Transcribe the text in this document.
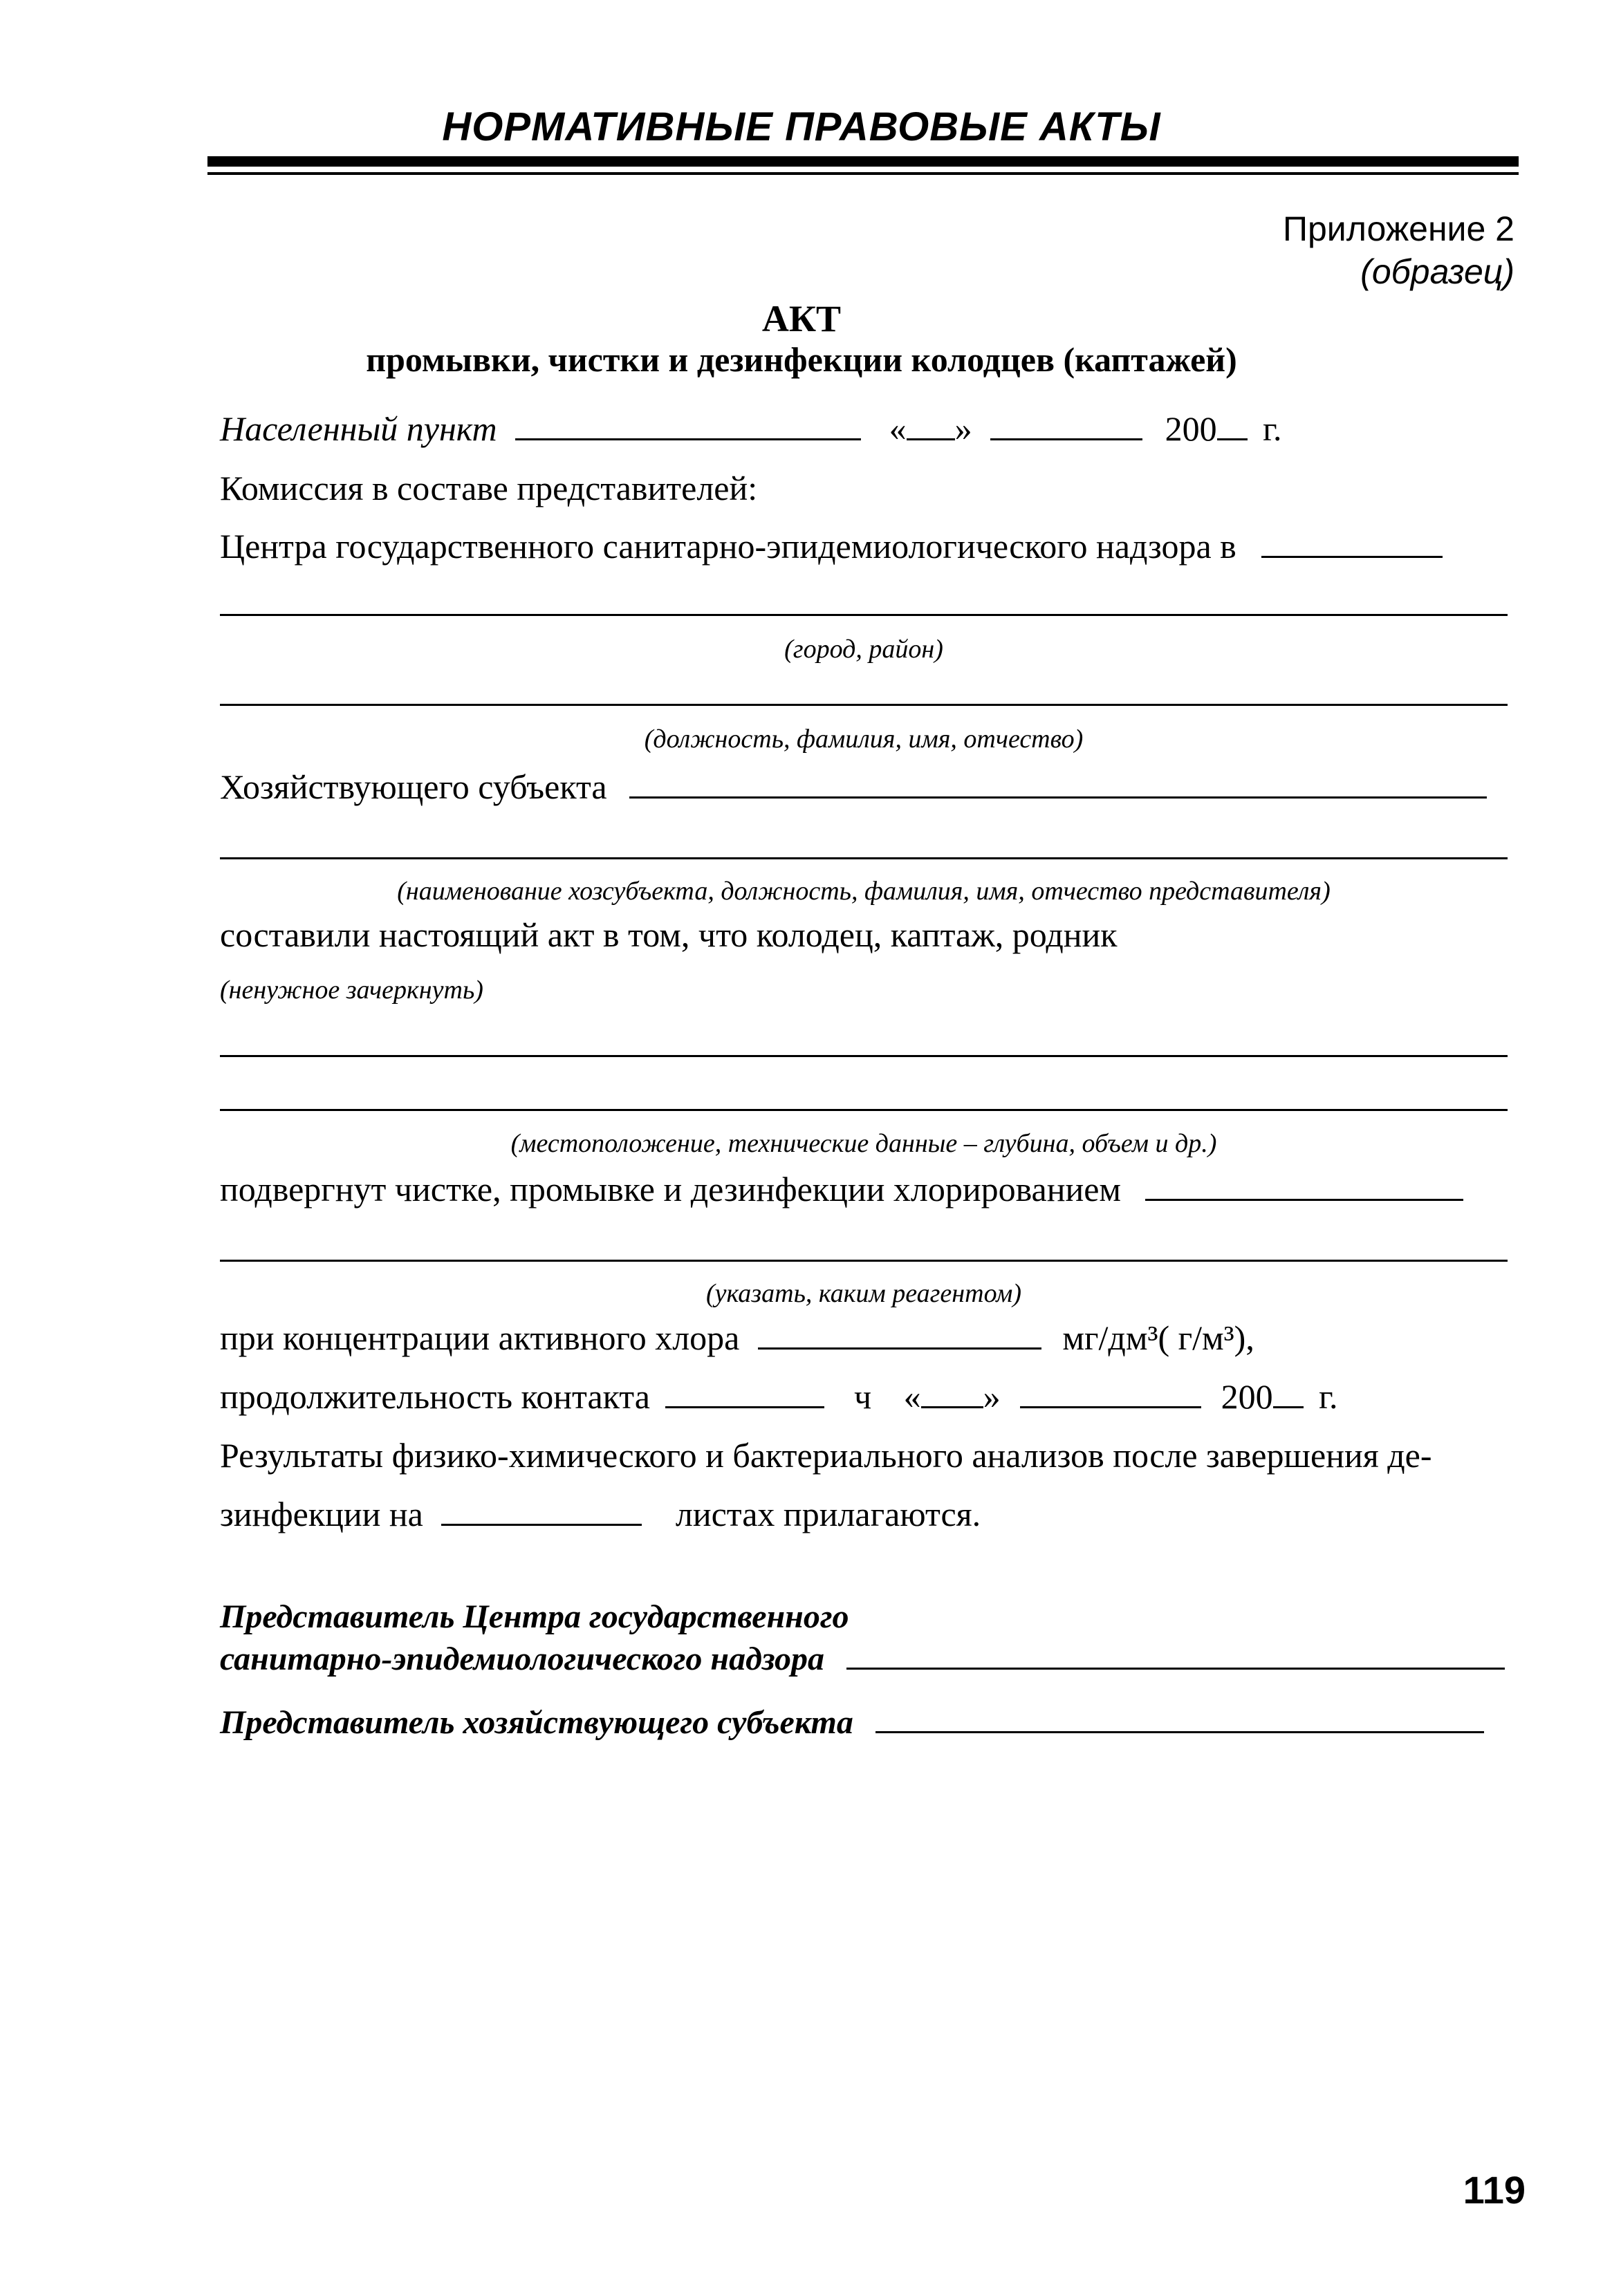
НОРМАТИВНЫЕ ПРАВОВЫЕ АКТЫ
Приложение 2
(образец)
АКТ
промывки, чистки и дезинфекции колодцев (каптажей)
Населенный пункт	« »	200 г.
Комиссия в составе представителей:
Центра государственного санитарно-эпидемиологического надзора в
(город, район)
(должность, фамилия, имя, отчество)
Хозяйствующего субъекта
(наименование хозсубъекта, должность, фамилия, имя, отчество представителя)
составили настоящий акт в том, что колодец, каптаж, родник
(ненужное зачеркнуть)
(местоположение, технические данные – глубина, объем и др.)
подвергнут чистке, промывке и дезинфекции хлорированием
(указать, каким реагентом)
при концентрации активного хлора	мг/дм³( г/м³),
продолжительность контакта	ч « »	200 г.
Результаты физико-химического и бактериального анализов после завершения де-
зинфекции на	листах прилагаются.
Представитель Центра государственного
санитарно-эпидемиологического надзора
Представитель хозяйствующего субъекта
119
